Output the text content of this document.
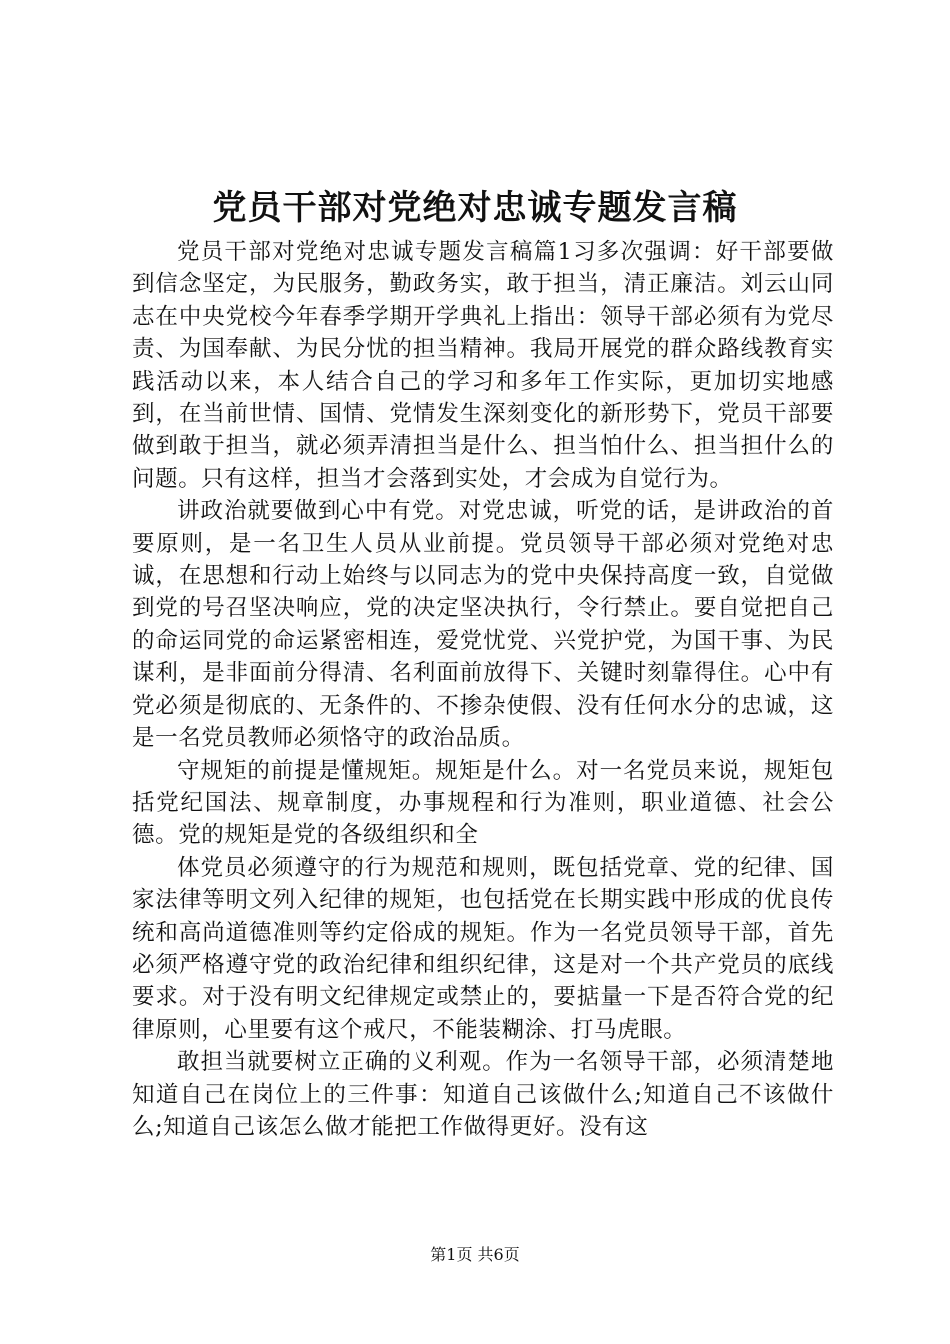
党员干部对党绝对忠诚专题发言稿

党员干部对党绝对忠诚专题发言稿篇1习多次强调：好干部要做到信念坚定，为民服务，勤政务实，敢于担当，清正廉洁。刘云山同志在中央党校今年春季学期开学典礼上指出：领导干部必须有为党尽责、为国奉献、为民分忧的担当精神。我局开展党的群众路线教育实践活动以来，本人结合自己的学习和多年工作实际，更加切实地感到，在当前世情、国情、党情发生深刻变化的新形势下，党员干部要做到敢于担当，就必须弄清担当是什么、担当怕什么、担当担什么的问题。只有这样，担当才会落到实处，才会成为自觉行为。

讲政治就要做到心中有党。对党忠诚，听党的话，是讲政治的首要原则，是一名卫生人员从业前提。党员领导干部必须对党绝对忠诚，在思想和行动上始终与以同志为的党中央保持高度一致，自觉做到党的号召坚决响应，党的决定坚决执行，令行禁止。要自觉把自己的命运同党的命运紧密相连，爱党忧党、兴党护党，为国干事、为民谋利，是非面前分得清、名利面前放得下、关键时刻靠得住。心中有党必须是彻底的、无条件的、不掺杂使假、没有任何水分的忠诚，这是一名党员教师必须恪守的政治品质。

守规矩的前提是懂规矩。规矩是什么。对一名党员来说，规矩包括党纪国法、规章制度，办事规程和行为准则，职业道德、社会公德。党的规矩是党的各级组织和全

体党员必须遵守的行为规范和规则，既包括党章、党的纪律、国家法律等明文列入纪律的规矩，也包括党在长期实践中形成的优良传统和高尚道德准则等约定俗成的规矩。作为一名党员领导干部，首先必须严格遵守党的政治纪律和组织纪律，这是对一个共产党员的底线要求。对于没有明文纪律规定或禁止的，要掂量一下是否符合党的纪律原则，心里要有这个戒尺，不能装糊涂、打马虎眼。

敢担当就要树立正确的义利观。作为一名领导干部，必须清楚地知道自己在岗位上的三件事：知道自己该做什么;知道自己不该做什么;知道自己该怎么做才能把工作做得更好。没有这

第1页 共6页
